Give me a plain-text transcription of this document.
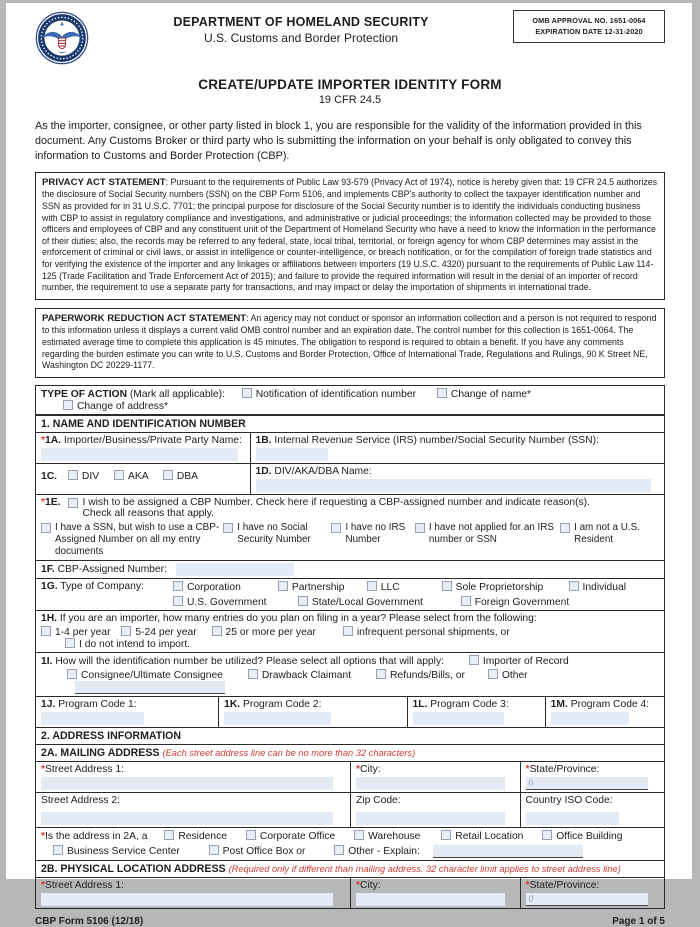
DEPARTMENT OF HOMELAND SECURITY
U.S. Customs and Border Protection
OMB APPROVAL NO. 1651-0064
EXPIRATION DATE 12-31-2020
CREATE/UPDATE IMPORTER IDENTITY FORM
19 CFR 24.5

As the importer, consignee, or other party listed in block 1, you are responsible for the validity of the information provided in this document. Any Customs Broker or third party who is submitting the information on your behalf is only obligated to convey this information to Customs and Border Protection (CBP).

PRIVACY ACT STATEMENT: Pursuant to the requirements of Public Law 93-579 (Privacy Act of 1974), notice is hereby given that: 19 CFR 24.5 authorizes the disclosure of Social Security numbers (SSN) on the CBP Form 5106, and implements CBP's authority to collect the taxpayer identification number and SSN as provided for in 31 U.S.C. 7701; the principal purpose for disclosure of the Social Security number is to identify the individuals conducting business with CBP to assist in regulatory compliance and investigations, and administrative or judicial proceedings; the information collected may be provided to those officers and employees of CBP and any constituent unit of the Department of Homeland Security who have a need to know the information in the performance of their duties; also, the records may be referred to any federal, state, local tribal, territorial, or foreign agency for whom CBP determines may assist in the enforcement of criminal or civil laws, or assist in intelligence or counter-intelligence, or breach notification, or for the compilation of foreign trade statistics and for verifying the existence of the importer and any linkages or affiliations between importers (19 U.S.C. 4320) pursuant to the requirements of Public Law 114-125 (Trade Facilitation and Trade Enforcement Act of 2015); and failure to provide the required information will result in the denial of an importer of record number, the requirement to use a separate party for transactions, and may impact or delay the importation of shipments in international trade.
PAPERWORK REDUCTION ACT STATEMENT: An agency may not conduct or sponsor an information collection and a person is not required to respond to this information unless it displays a current valid OMB control number and an expiration date. The control number for this collection is 1651-0064. The estimated average time to complete this application is 45 minutes. The obligation to respond is required to obtain a benefit. If you have any comments regarding the burden estimate you can write to U.S. Customs and Border Protection, Office of International Trade, Regulations and Rulings, 90 K Street NE, Washington DC 20229-1177.
TYPE OF ACTION (Mark all applicable):	Notification of identification number	Change of name* Change of address*
1. NAME AND IDENTIFICATION NUMBER
*1A. Importer/Business/Private Party Name:	1B. Internal Revenue Service (IRS) number/Social Security Number (SSN):
1C. DIV	AKA	DBA	1D. DIV/AKA/DBA Name:
*1E. I wish to be assigned a CBP Number. Check here if requesting a CBP-assigned number and indicate reason(s).
Check all reasons that apply.
I have a SSN, but wish to use a CBP-Assigned Number on all my entry documents
I have no Social Security Number
I have no IRS Number
I have not applied for an IRS number or SSN
I am not a U.S. Resident
1F. CBP-Assigned Number:
1G. Type of Company:	Corporation	Partnership	LLC	Sole Proprietorship	Individual
U.S. Government	State/Local Government	Foreign Government
1H. If you are an importer, how many entries do you plan on filing in a year? Please select from the following:
1-4 per year 5-24 per year	25 or more per year	infrequent personal shipments, or I do not intend to import.
1I. How will the identification number be utilized? Please select all options that will apply:	Importer of Record
Consignee/Ultimate Consignee	Drawback Claimant	Refunds/Bills, or	Other
1J. Program Code 1:	1K. Program Code 2:	1L. Program Code 3:	1M. Program Code 4:
2. ADDRESS INFORMATION
2A. MAILING ADDRESS (Each street address line can be no more than 32 characters)
*Street Address 1:	*City:	*State/Province:
0
Street Address 2:	Zip Code:	Country ISO Code:
*Is the address in 2A, a	Residence	Corporate Office	Warehouse	Retail Location	Office Building
Business Service Center	Post Office Box or	Other - Explain:
2B. PHYSICAL LOCATION ADDRESS (Required only if different than mailing address. 32 character limit applies to street address line)
*Street Address 1:	*City:	*State/Province:
0
CBP Form 5106 (12/18)	Page 1 of 5
